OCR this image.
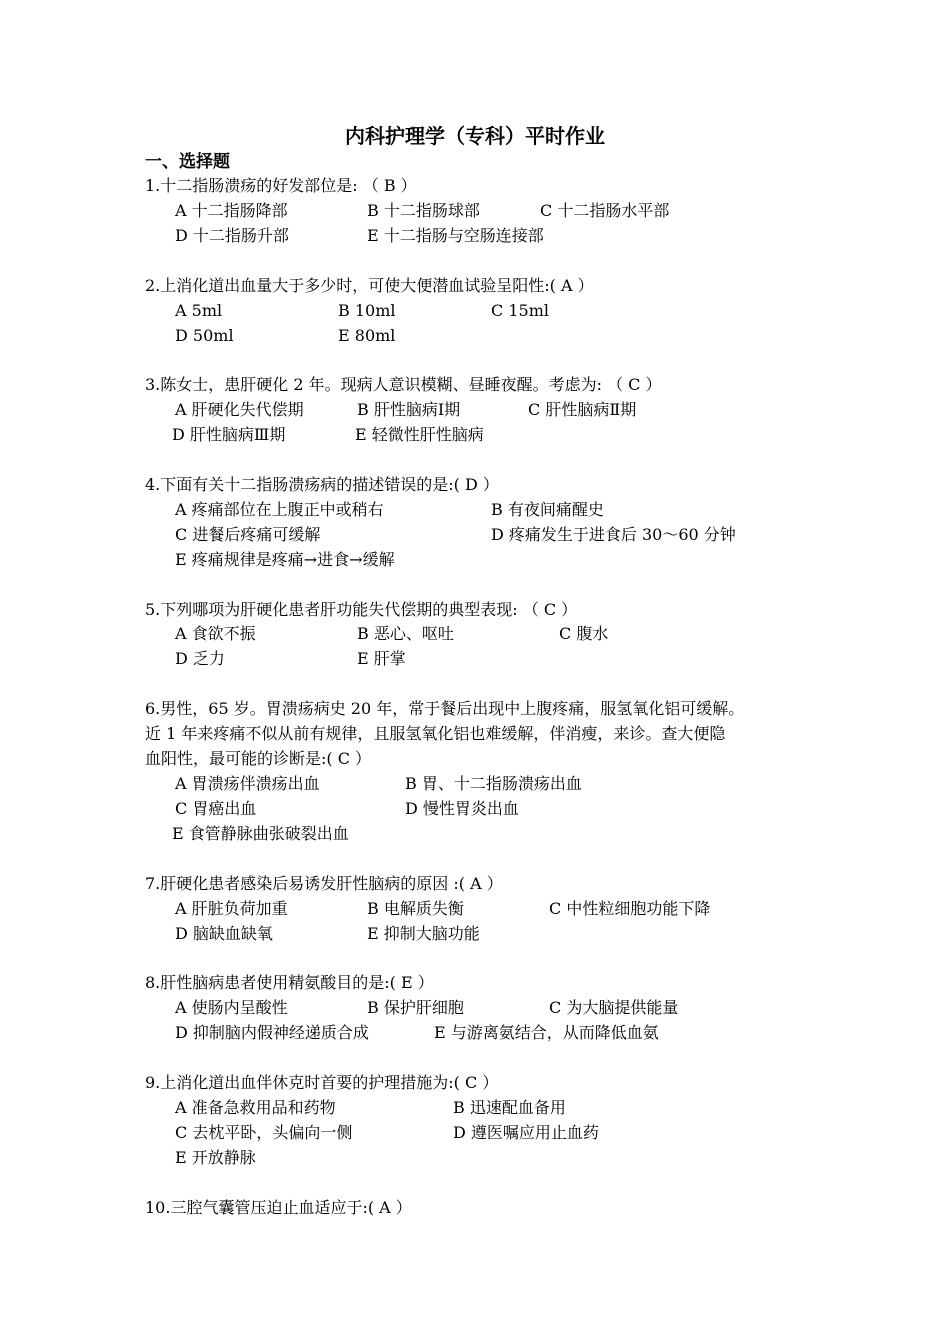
内科护理学（专科）平时作业
一、选择题
1.十二指肠溃疡的好发部位是: （ B ）
A 十二指肠降部	B 十二指肠球部	C 十二指肠水平部
D 十二指肠升部	E 十二指肠与空肠连接部
2.上消化道出血量大于多少时，可使大便潜血试验呈阳性:( A ）
A 5ml	B 10ml	C 15ml
D 50ml	E 80ml
3.陈女士，患肝硬化 2 年。现病人意识模糊、昼睡夜醒。考虑为: （ C ）
A 肝硬化失代偿期	B 肝性脑病Ⅰ期	C 肝性脑病Ⅱ期
D 肝性脑病Ⅲ期	E 轻微性肝性脑病
4.下面有关十二指肠溃疡病的描述错误的是:( D ）
A 疼痛部位在上腹正中或稍右	B 有夜间痛醒史
C 进餐后疼痛可缓解	D 疼痛发生于进食后 30～60 分钟
E 疼痛规律是疼痛→进食→缓解
5.下列哪项为肝硬化患者肝功能失代偿期的典型表现: （ C ）
A 食欲不振	B 恶心、呕吐	C 腹水
D 乏力	E 肝掌
6.男性，65 岁。胃溃疡病史 20 年，常于餐后出现中上腹疼痛，服氢氧化铝可缓解。
近 1 年来疼痛不似从前有规律，且服氢氧化铝也难缓解，伴消瘦，来诊。查大便隐
血阳性，最可能的诊断是:( C ）
A 胃溃疡伴溃疡出血	B 胃、十二指肠溃疡出血
C 胃癌出血	D 慢性胃炎出血
E 食管静脉曲张破裂出血
7.肝硬化患者感染后易诱发肝性脑病的原因 :( A ）
A 肝脏负荷加重	B 电解质失衡	C 中性粒细胞功能下降
D 脑缺血缺氧	E 抑制大脑功能
8.肝性脑病患者使用精氨酸目的是:( E ）
A 使肠内呈酸性	B 保护肝细胞	C 为大脑提供能量
D 抑制脑内假神经递质合成	E 与游离氨结合，从而降低血氨
9.上消化道出血伴休克时首要的护理措施为:( C ）
A 准备急救用品和药物	B 迅速配血备用
C 去枕平卧，头偏向一侧	D 遵医嘱应用止血药
E 开放静脉
10.三腔气囊管压迫止血适应于:( A ）
